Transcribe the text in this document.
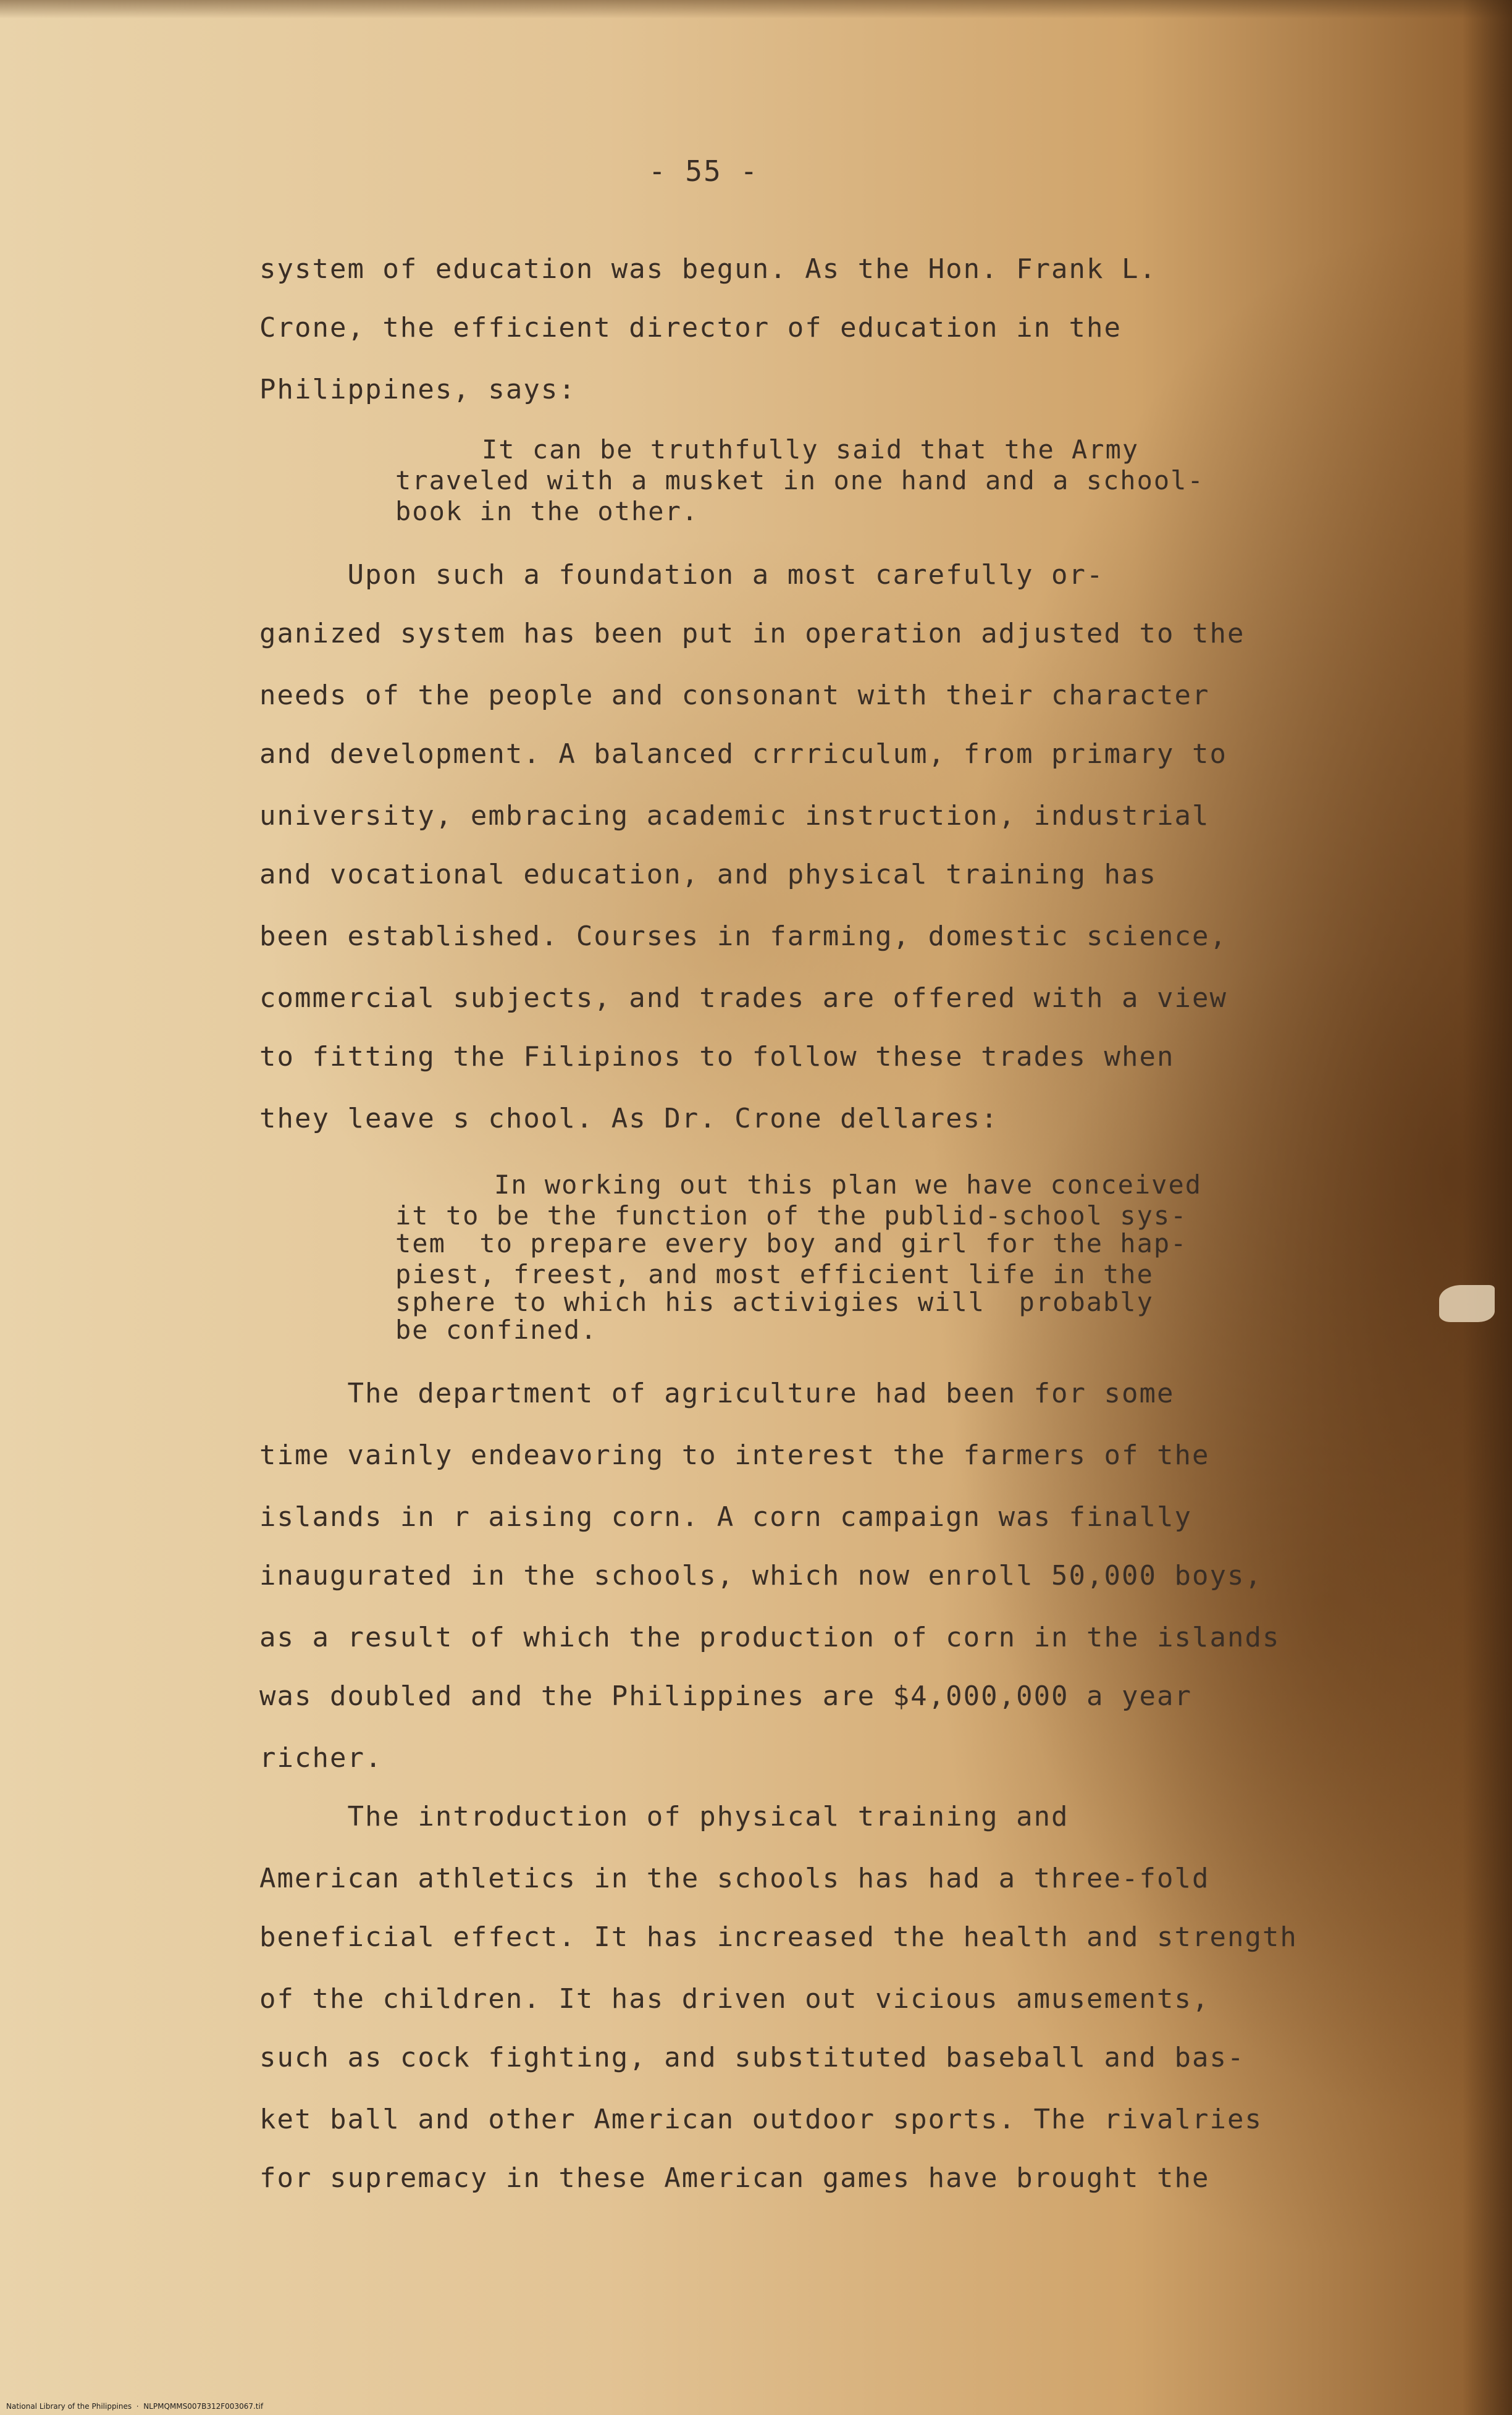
- 55 -
system of education was begun. As the Hon. Frank L.
Crone, the efficient director of education in the
Philippines, says:
It can be truthfully said that the Army
traveled with a musket in one hand and a school-
book in the other.
Upon such a foundation a most carefully or-
ganized system has been put in operation adjusted to the
needs of the people and consonant with their character
and development. A balanced crrriculum, from primary to
university, embracing academic instruction, industrial
and vocational education, and physical training has
been established. Courses in farming, domestic science,
commercial subjects, and trades are offered with a view
to fitting the Filipinos to follow these trades when
they leave s chool. As Dr. Crone dellares:
In working out this plan we have conceived
it to be the function of the publid-school sys-
tem  to prepare every boy and girl for the hap-
piest, freest, and most efficient life in the
sphere to which his activigies will  probably
be confined.
The department of agriculture had been for some
time vainly endeavoring to interest the farmers of the
islands in r aising corn. A corn campaign was finally
inaugurated in the schools, which now enroll 50,000 boys,
as a result of which the production of corn in the islands
was doubled and the Philippines are $4,000,000 a year
richer.
The introduction of physical training and
American athletics in the schools has had a three-fold
beneficial effect. It has increased the health and strength
of the children. It has driven out vicious amusements,
such as cock fighting, and substituted baseball and bas-
ket ball and other American outdoor sports. The rivalries
for supremacy in these American games have brought the
National Library of the Philippines  ·  NLPMQMMS007B312F003067.tif
